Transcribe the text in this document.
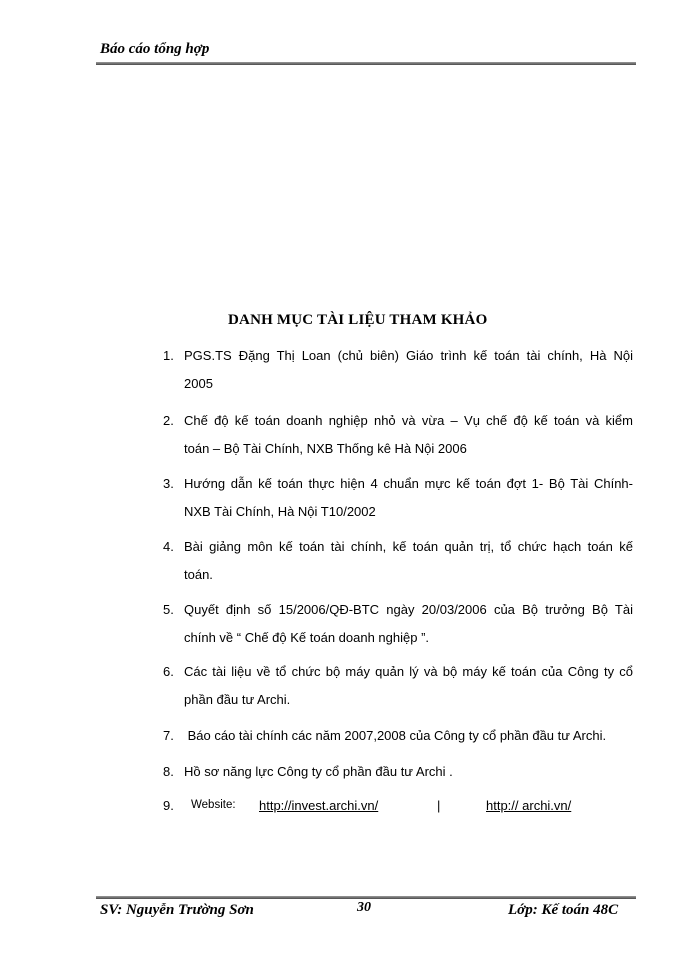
Báo cáo tổng hợp
DANH MỤC TÀI LIỆU THAM KHẢO
1. PGS.TS Đặng Thị Loan (chủ biên) Giáo trình kế toán tài chính, Hà Nội
2005
2. Chế độ kế toán doanh nghiệp nhỏ và vừa – Vụ chế độ kế toán và kiểm
toán – Bộ Tài Chính, NXB Thống kê Hà Nội 2006
3. Hướng dẫn kế toán thực hiện 4 chuẩn mực kế toán đợt 1- Bộ Tài Chính-
NXB Tài Chính, Hà Nội T10/2002
4. Bài giảng môn kế toán tài chính, kế toán quản trị, tổ chức hạch toán kế
toán.
5. Quyết định số 15/2006/QĐ-BTC ngày 20/03/2006 của Bộ trưởng Bộ Tài
chính về “ Chế độ Kế toán doanh nghiệp ”.
6. Các tài liệu về tổ chức bộ máy quản lý và bộ máy kế toán của Công ty cổ
phần đầu tư Archi.
7. Báo cáo tài chính các năm 2007,2008 của Công ty cổ phần đầu tư Archi.
8. Hồ sơ năng lực Công ty cổ phần đầu tư Archi .
9. Website: http://invest.archi.vn/	|	http:// archi.vn/
SV: Nguyễn Trường Sơn	30	Lớp: Kế toán 48C
